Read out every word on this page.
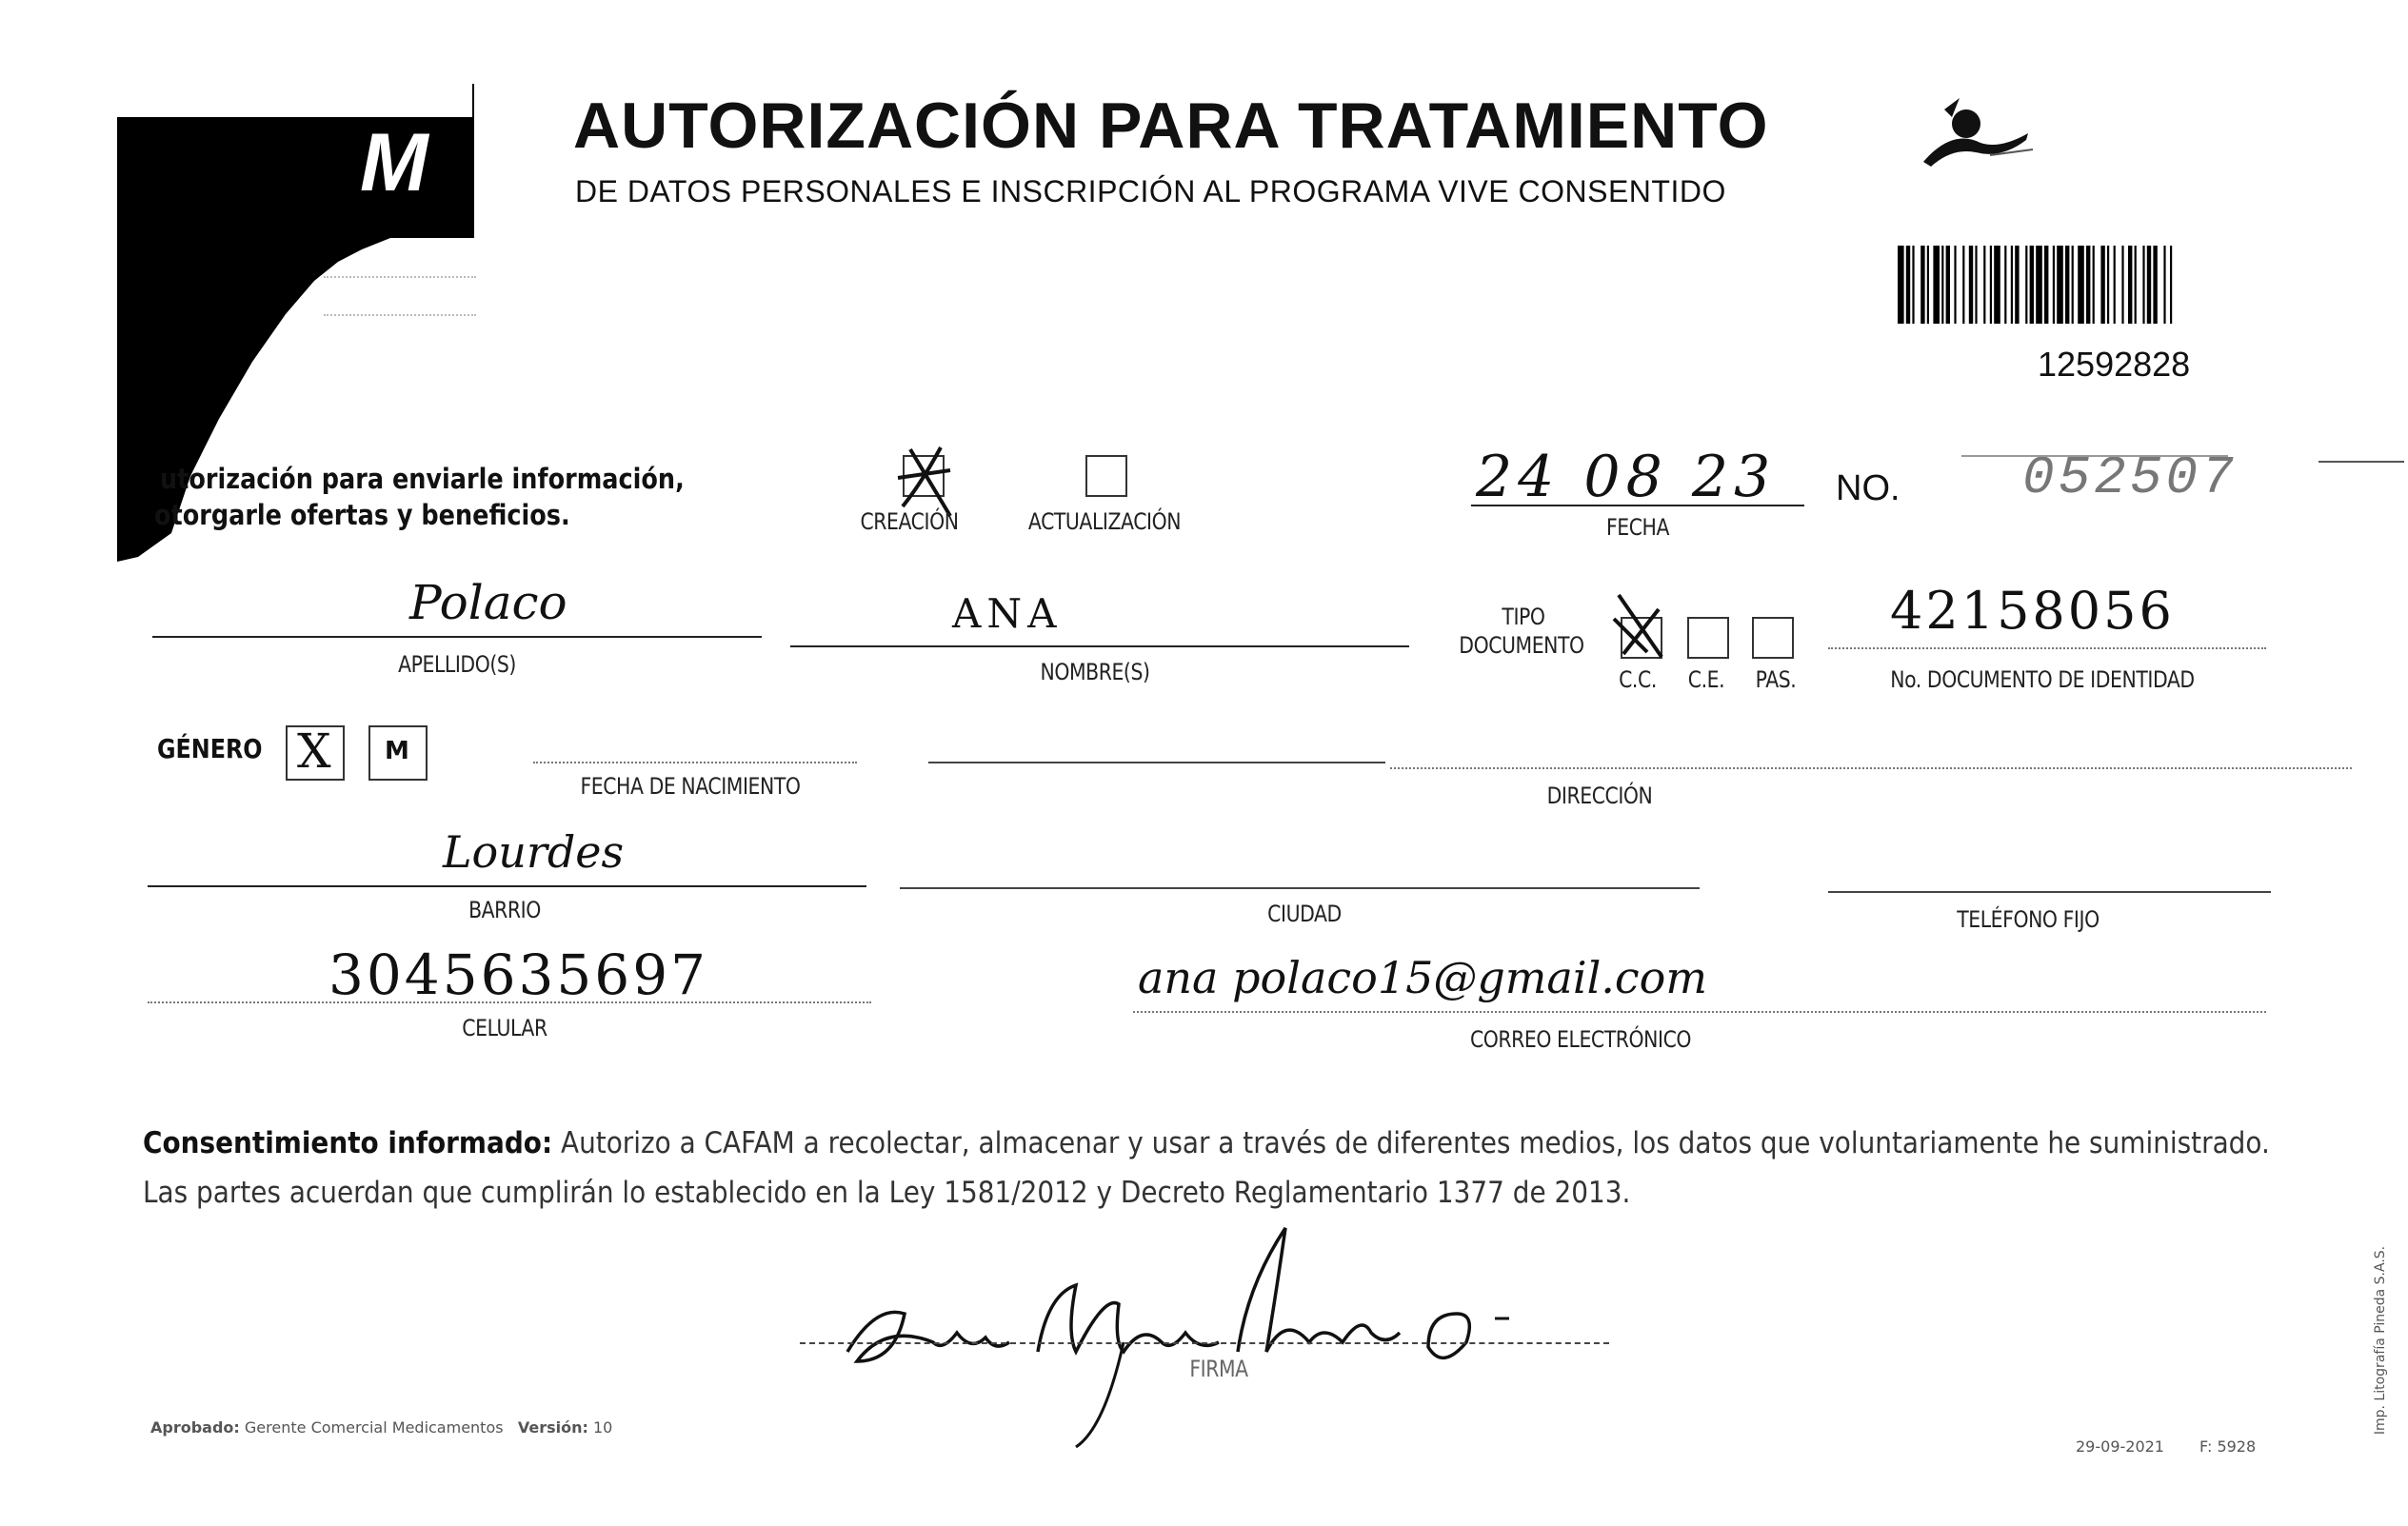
M AUTORIZACIÓN PARA TRATAMIENTO
DE DATOS PERSONALES E INSCRIPCIÓN AL PROGRAMA VIVE CONSENTIDO
12592828
utorización para enviarle información,
otorgarle ofertas y beneficios.	CREACIÓN	ACTUALIZACIÓN
24 08 23
FECHA
NO. 052507
Polaco
APELLIDO(S)
ANA
NOMBRE(S)
TIPO
DOCUMENTO
C.C. C.E.	PAS.
42158056
No. DOCUMENTO DE IDENTIDAD
GÉNERO X M
FECHA DE NACIMIENTO	DIRECCIÓN
Lourdes
BARRIO	CIUDAD	TELÉFONO FIJO
3045635697
CELULAR
ana polaco15@gmail.com
CORREO ELECTRÓNICO
Consentimiento informado: Autorizo a CAFAM a recolectar, almacenar y usar a través de diferentes medios, los datos que voluntariamente he suministrado.
Las partes acuerdan que cumplirán lo establecido en la Ley 1581/2012 y Decreto Reglamentario 1377 de 2013.
FIRMA
Aprobado: Gerente Comercial Medicamentos Versión: 10
29-09-2021 F: 5928
Imp. Litografía Pineda S.A.S.
